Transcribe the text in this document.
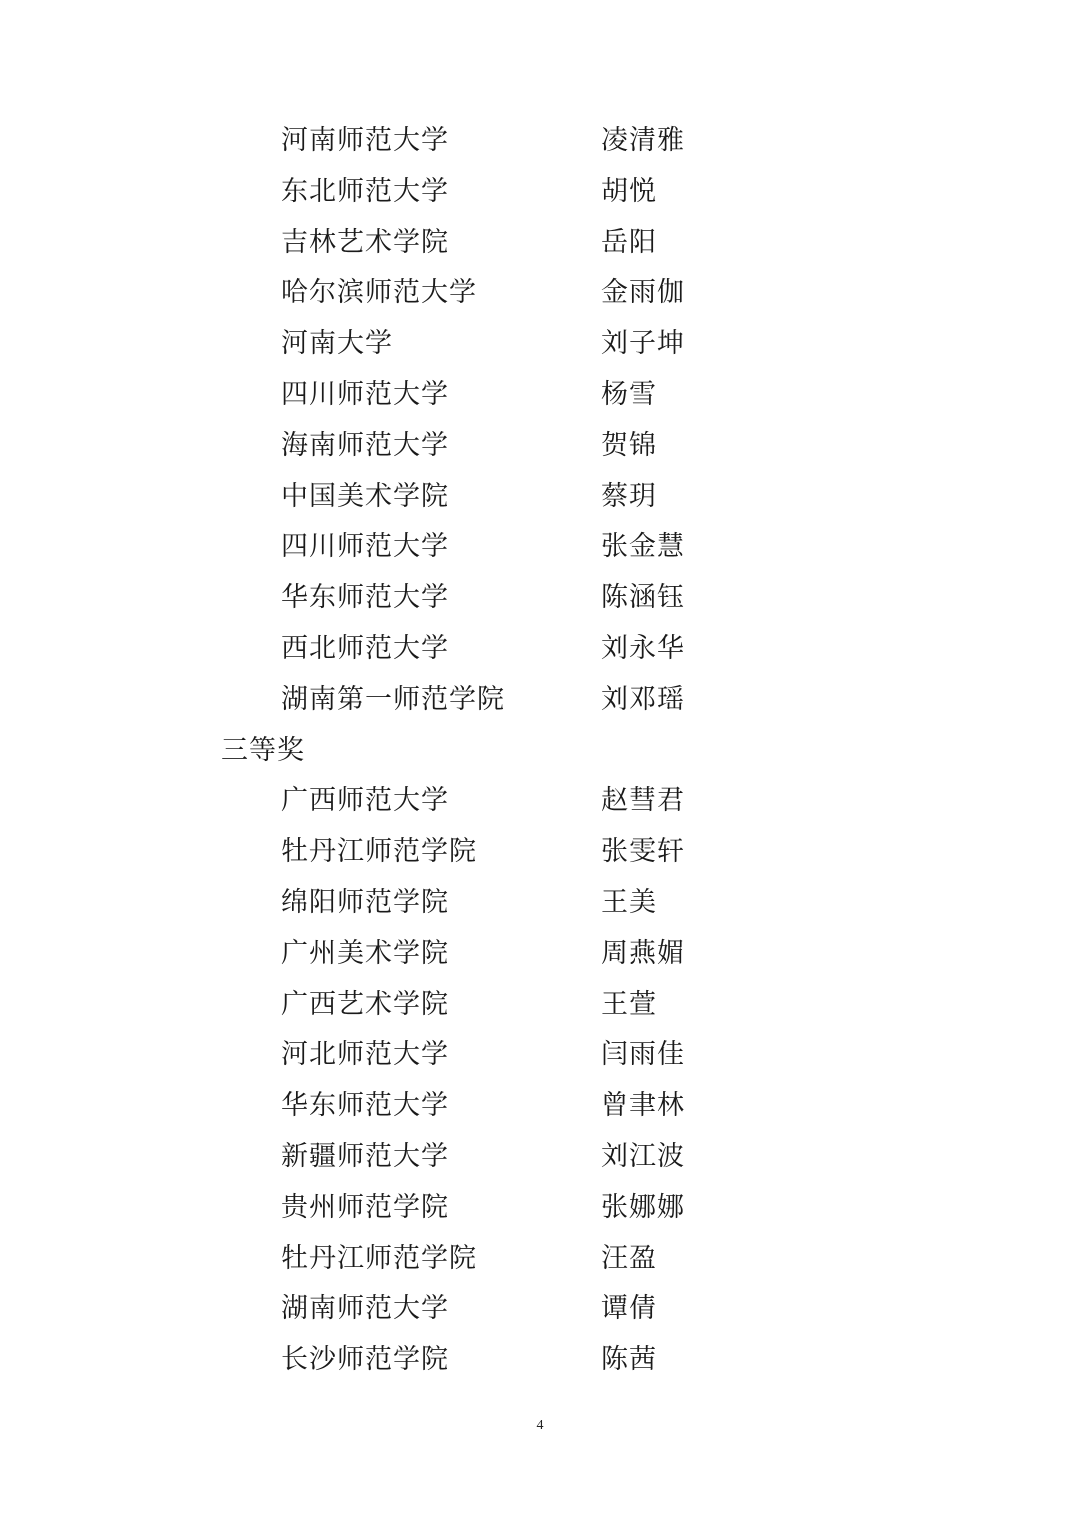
河南师范大学	凌清雅
东北师范大学	胡悦
吉林艺术学院	岳阳
哈尔滨师范大学	金雨伽
河南大学	刘子坤
四川师范大学	杨雪
海南师范大学	贺锦
中国美术学院	蔡玥
四川师范大学	张金慧
华东师范大学	陈涵钰
西北师范大学	刘永华
湖南第一师范学院	刘邓瑶
三等奖
广西师范大学	赵彗君
牡丹江师范学院	张雯轩
绵阳师范学院	王美
广州美术学院	周燕媚
广西艺术学院	王萱
河北师范大学	闫雨佳
华东师范大学	曾聿林
新疆师范大学	刘江波
贵州师范学院	张娜娜
牡丹江师范学院	汪盈
湖南师范大学	谭倩
长沙师范学院	陈茜
4
